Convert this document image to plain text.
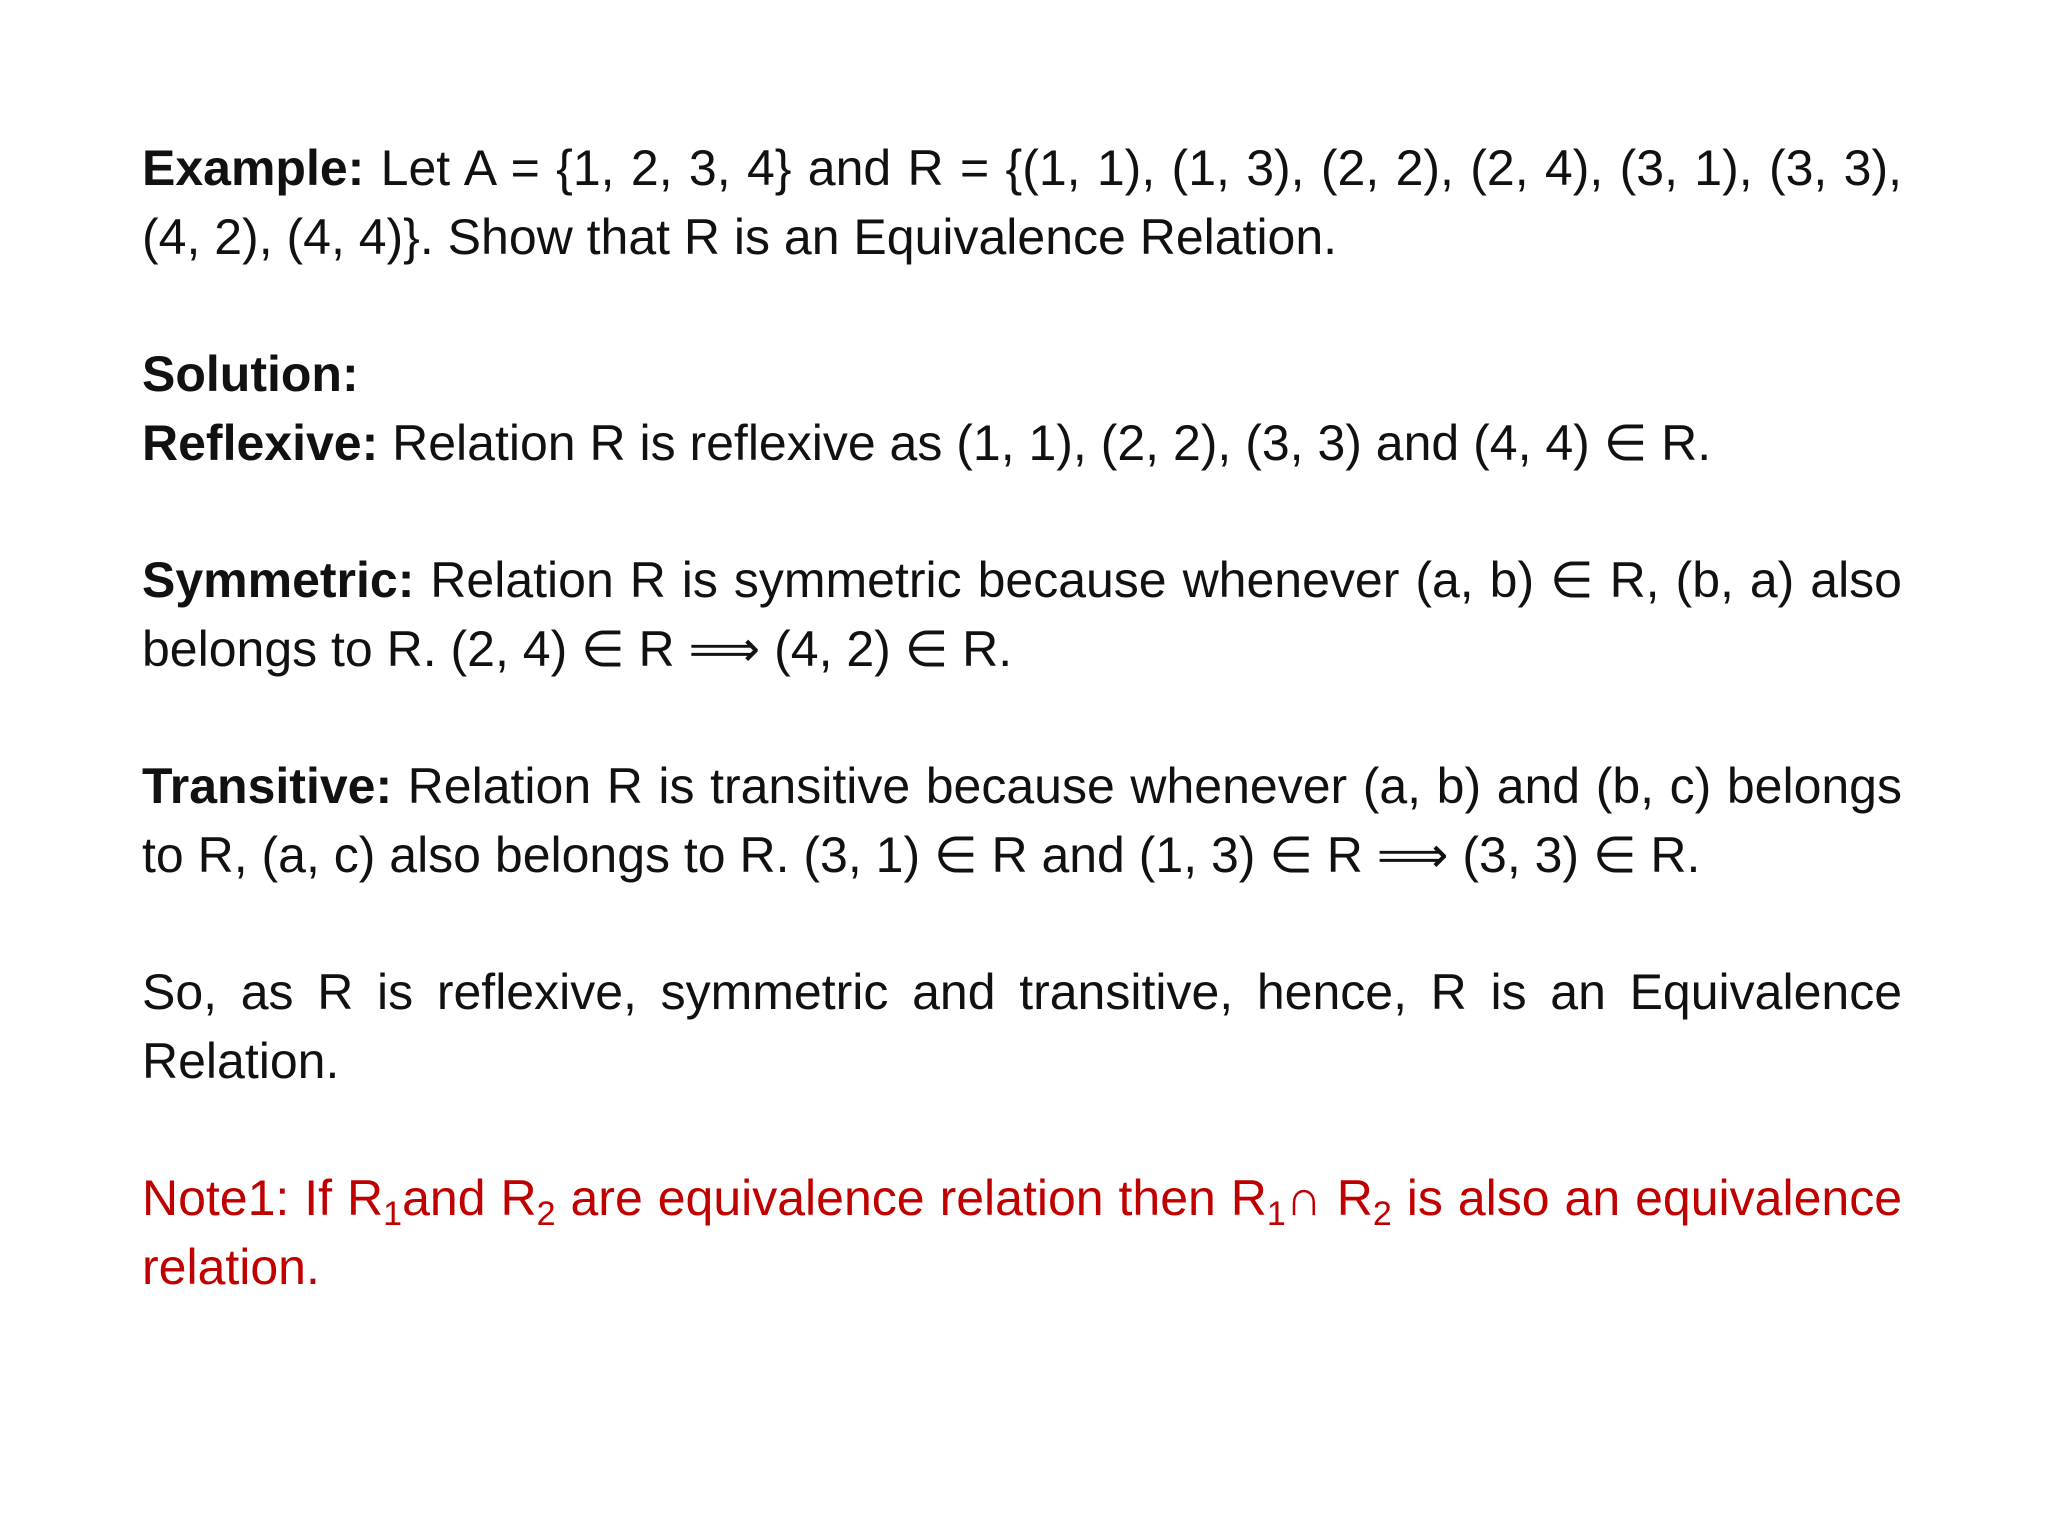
Example: Let A = {1, 2, 3, 4} and R = {(1, 1), (1, 3), (2, 2), (2, 4), (3, 1), (3, 3), (4, 2), (4, 4)}. Show that R is an Equivalence Relation.

Solution:

Reflexive: Relation R is reflexive as (1, 1), (2, 2), (3, 3) and (4, 4) ∈ R.

Symmetric: Relation R is symmetric because whenever (a, b) ∈ R, (b, a) also belongs to R. (2, 4) ∈ R ⟹ (4, 2) ∈ R.

Transitive: Relation R is transitive because whenever (a, b) and (b, c) belongs to R, (a, c) also belongs to R. (3, 1) ∈ R and (1, 3) ∈ R ⟹ (3, 3) ∈ R.

So, as R is reflexive, symmetric and transitive, hence, R is an Equivalence Relation.

Note1: If $R_1and$ $R_2$ are equivalence relation then $R_1\cap$ $R_2$ is also an equivalence relation.
